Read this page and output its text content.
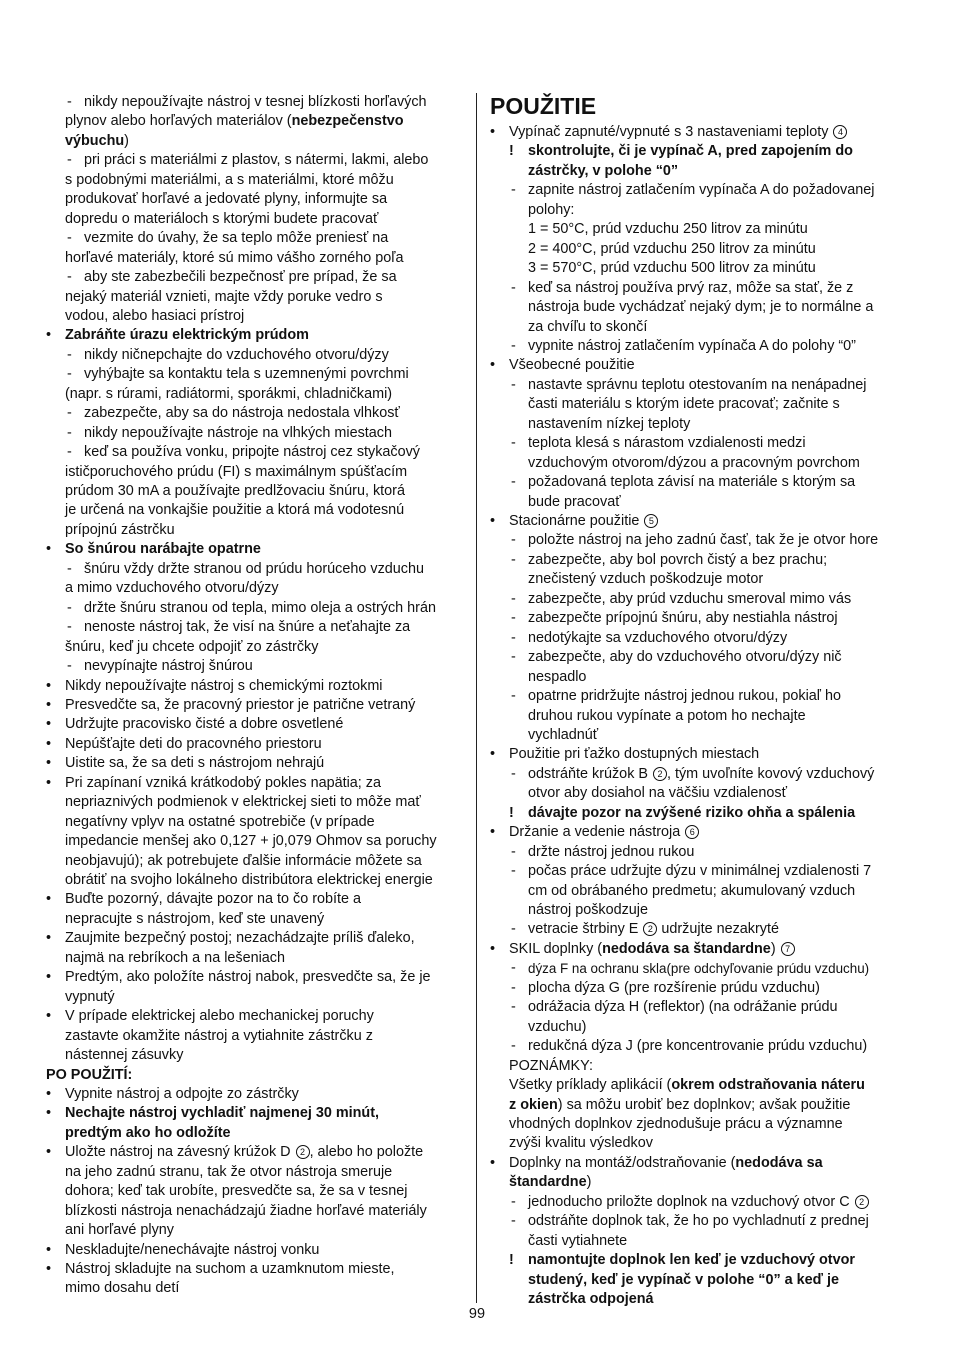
- nikdy nepoužívajte nástroj v tesnej blízkosti horľavých
plynov alebo horľavých materiálov (nebezpečenstvo
výbuchu)
- pri práci s materiálmi z plastov, s nátermi, lakmi, alebo
s podobnými materiálmi, a s materiálmi, ktoré môžu
produkovať horľavé a jedovaté plyny, informujte sa
dopredu o materiáloch s ktorými budete pracovať
- vezmite do úvahy, že sa teplo môže preniesť na
horľavé materiály, ktoré sú mimo vášho zorného poľa
- aby ste zabezbečili bezpečnosť pre prípad, že sa
nejaký materiál vznieti, majte vždy poruke vedro s
vodou, alebo hasiaci prístroj
• Zabráňte úrazu elektrickým prúdom
- nikdy ničnepchajte do vzduchového otvoru/dýzy
- vyhýbajte sa kontaktu tela s uzemnenými povrchmi
(napr. s rúrami, radiátormi, sporákmi, chladničkami)
- zabezpečte, aby sa do nástroja nedostala vlhkosť
- nikdy nepoužívajte nástroje na vlhkých miestach
- keď sa používa vonku, pripojte nástroj cez stykačový
ističporuchového prúdu (FI) s maximálnym spúšťacím
prúdom 30 mA a používajte predlžovaciu šnúru, ktorá
je určená na vonkajšie použitie a ktorá má vodotesnú
prípojnú zástrčku
• So šnúrou narábajte opatrne
- šnúru vždy držte stranou od prúdu horúceho vzduchu
a mimo vzduchového otvoru/dýzy
- držte šnúru stranou od tepla, mimo oleja a ostrých hrán
- nenoste nástroj tak, že visí na šnúre a neťahajte za
šnúru, keď ju chcete odpojiť zo zástrčky
- nevypínajte nástroj šnúrou
• Nikdy nepoužívajte nástroj s chemickými roztokmi
• Presvedčte sa, že pracovný priestor je patrične vetraný
• Udržujte pracovisko čisté a dobre osvetlené
• Nepúšťajte deti do pracovného priestoru
• Uistite sa, že sa deti s nástrojom nehrajú
• Pri zapínaní vzniká krátkodobý pokles napätia; za
nepriaznivých podmienok v elektrickej sieti to môže mať
negatívny vplyv na ostatné spotrebiče (v prípade
impedancie menšej ako 0,127 + j0,079 Ohmov sa poruchy
neobjavujú); ak potrebujete ďalšie informácie môžete sa
obrátiť na svojho lokálneho distribútora elektrickej energie
• Buďte pozorný, dávajte pozor na to čo robíte a
nepracujte s nástrojom, keď ste unavený
• Zaujmite bezpečný postoj; nezachádzajte príliš ďaleko,
najmä na rebríkoch a na lešeniach
• Predtým, ako položíte nástroj nabok, presvedčte sa, že je
vypnutý
• V prípade elektrickej alebo mechanickej poruchy
zastavte okamžite nástroj a vytiahnite zástrčku z
nástennej zásuvky
PO POUŽITÍ:
• Vypnite nástroj a odpojte zo zástrčky
• Nechajte nástroj vychladiť najmenej 30 minút,
predtým ako ho odložíte
• Uložte nástroj na závesný krúžok D 2 , alebo ho položte
na jeho zadnú stranu, tak že otvor nástroja smeruje
dohora; keď tak urobíte, presvedčte sa, že sa v tesnej
blízkosti nástroja nenachádzajú žiadne horľavé materiály
ani horľavé plyny
• Neskladujte/nenechávajte nástroj vonku
• Nástroj skladujte na suchom a uzamknutom mieste,
mimo dosahu detí
POUŽITIE
• Vypínač zapnuté/vypnuté s 3 nastaveniami teploty 4
! skontrolujte, či je vypínač A, pred zapojením do
zástrčky, v polohe “0”
- zapnite nástroj zatlačením vypínača A do požadovanej
polohy:
1 = 50°C, prúd vzduchu 250 litrov za minútu
2 = 400°C, prúd vzduchu 250 litrov za minútu
3 = 570°C, prúd vzduchu 500 litrov za minútu
- keď sa nástroj používa prvý raz, môže sa stať, že z
nástroja bude vychádzať nejaký dym; je to normálne a
za chvíľu to skončí
- vypnite nástroj zatlačením vypínača A do polohy “0”
• Všeobecné použitie
- nastavte správnu teplotu otestovaním na nenápadnej
časti materiálu s ktorým idete pracovať; začnite s
nastavením nízkej teploty
- teplota klesá s nárastom vzdialenosti medzi
vzduchovým otvorom/dýzou a pracovným povrchom
- požadovaná teplota závisí na materiále s ktorým sa
bude pracovať
• Stacionárne použitie 5
- položte nástroj na jeho zadnú časť, tak že je otvor hore
- zabezpečte, aby bol povrch čistý a bez prachu;
znečistený vzduch poškodzuje motor
- zabezpečte, aby prúd vzduchu smeroval mimo vás
- zabezpečte prípojnú šnúru, aby nestiahla nástroj
- nedotýkajte sa vzduchového otvoru/dýzy
- zabezpečte, aby do vzduchového otvoru/dýzy nič
nespadlo
- opatrne pridržujte nástroj jednou rukou, pokiaľ ho
druhou rukou vypínate a potom ho nechajte
vychladnúť
• Použitie pri ťažko dostupných miestach
- odstráňte krúžok B 2 , tým uvoľníte kovový vzduchový
otvor aby dosiahol na väčšiu vzdialenosť
! dávajte pozor na zvýšené riziko ohňa a spálenia
• Držanie a vedenie nástroja 6
- držte nástroj jednou rukou
- počas práce udržujte dýzu v minimálnej vzdialenosti 7
cm od obrábaného predmetu; akumulovaný vzduch
nástroj poškodzuje
- vetracie štrbiny E 2 udržujte nezakryté
• SKIL doplnky (nedodáva sa štandardne) 7
- dýza F na ochranu skla(pre odchyľovanie prúdu vzduchu)
- plocha dýza G (pre rozšírenie prúdu vzduchu)
- odrážacia dýza H (reflektor) (na odrážanie prúdu
vzduchu)
- redukčná dýza J (pre koncentrovanie prúdu vzduchu)
POZNÁMKY:
Všetky príklady aplikácií (okrem odstraňovania náteru
z okien) sa môžu urobiť bez doplnkov; avšak použitie
vhodných doplnkov zjednodušuje prácu a významne
zvýši kvalitu výsledkov
• Doplnky na montáž/odstraňovanie (nedodáva sa
štandardne)
- jednoducho priložte doplnok na vzduchový otvor C 2
- odstráňte doplnok tak, že ho po vychladnutí z prednej
časti vytiahnete
! namontujte doplnok len keď je vzduchový otvor
studený, keď je vypínač v polohe “0” a keď je
zástrčka odpojená
99
